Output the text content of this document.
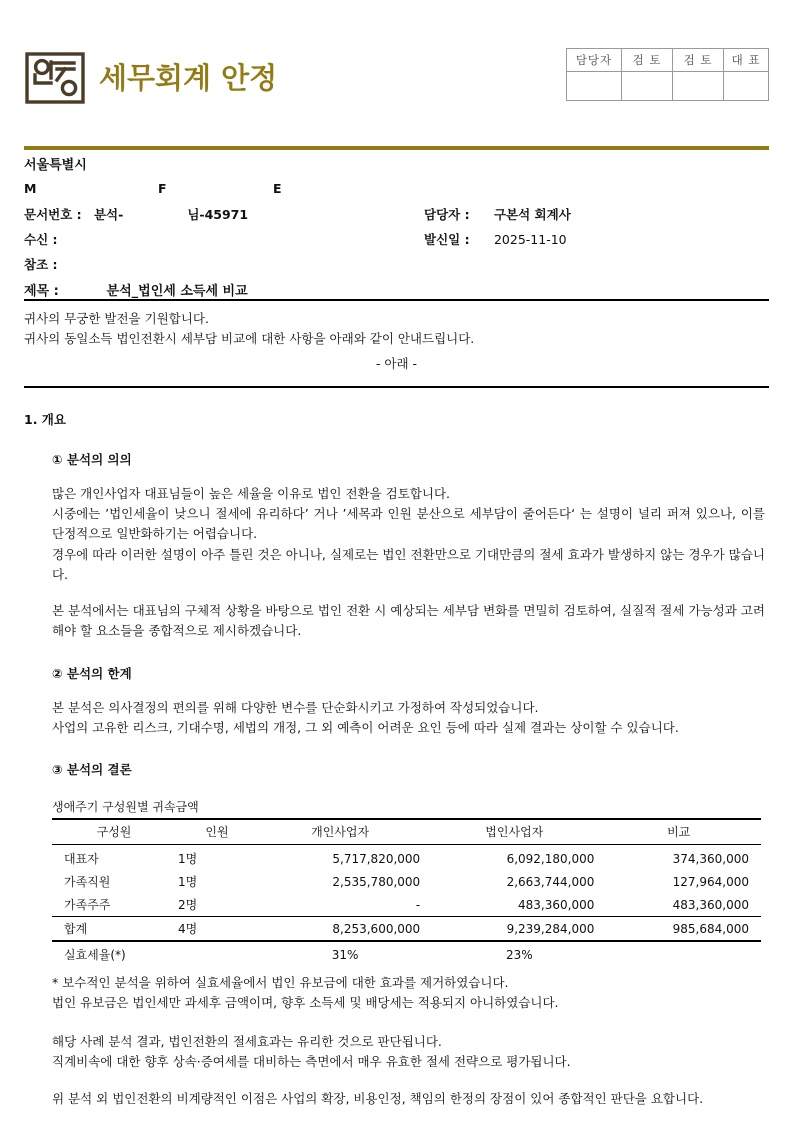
세무회계 안정
담당자	검 토	검 토	대 표

서울특별시
M	F	E
문서번호 : 분석-	님-45971	담당자 : 구본석 회계사
수신 :	발신일 : 2025-11-10
참조 :
제목 :	분석_법인세 소득세 비교
귀사의 무궁한 발전을 기원합니다.
귀사의 동일소득 법인전환시 세부담 비교에 대한 사항을 아래와 같이 안내드립니다.
- 아래 -
1. 개요
① 분석의 의의

많은 개인사업자 대표님들이 높은 세율을 이유로 법인 전환을 검토합니다.

시중에는 ’법인세율이 낮으니 절세에 유리하다’ 거나 ’세목과 인원 분산으로 세부담이 줄어든다‘ 는 설명이 널리 퍼져 있으나, 이를 단정적으로 일반화하기는 어렵습니다.

경우에 따라 이러한 설명이 아주 틀린 것은 아니나, 실제로는 법인 전환만으로 기대만큼의 절세 효과가 발생하지 않는 경우가 많습니다.

본 분석에서는 대표님의 구체적 상황을 바탕으로 법인 전환 시 예상되는 세부담 변화를 면밀히 검토하여, 실질적 절세 가능성과 고려해야 할 요소들을 종합적으로 제시하겠습니다.

② 분석의 한계

본 분석은 의사결정의 편의를 위해 다양한 변수를 단순화시키고 가정하여 작성되었습니다.

사업의 고유한 리스크, 기대수명, 세법의 개정, 그 외 예측이 어려운 요인 등에 따라 실제 결과는 상이할 수 있습니다.

③ 분석의 결론
생애주기 구성원별 귀속금액
구성원	인원	개인사업자	법인사업자	비교
대표자	1명	5,717,820,000	6,092,180,000	374,360,000
가족직원	1명	2,535,780,000	2,663,744,000	127,964,000
가족주주	2명	-	483,360,000	483,360,000
합계	4명	8,253,600,000	9,239,284,000	985,684,000
실효세율(*)		31%	23%	

* 보수적인 분석을 위하여 실효세율에서 법인 유보금에 대한 효과를 제거하였습니다.

법인 유보금은 법인세만 과세후 금액이며, 향후 소득세 및 배당세는 적용되지 아니하였습니다.

해당 사례 분석 결과, 법인전환의 절세효과는 유리한 것으로 판단됩니다.

직계비속에 대한 향후 상속·증여세를 대비하는 측면에서 매우 유효한 절세 전략으로 평가됩니다.

위 분석 외 법인전환의 비계량적인 이점은 사업의 확장, 비용인정, 책임의 한정의 장점이 있어 종합적인 판단을 요합니다.
